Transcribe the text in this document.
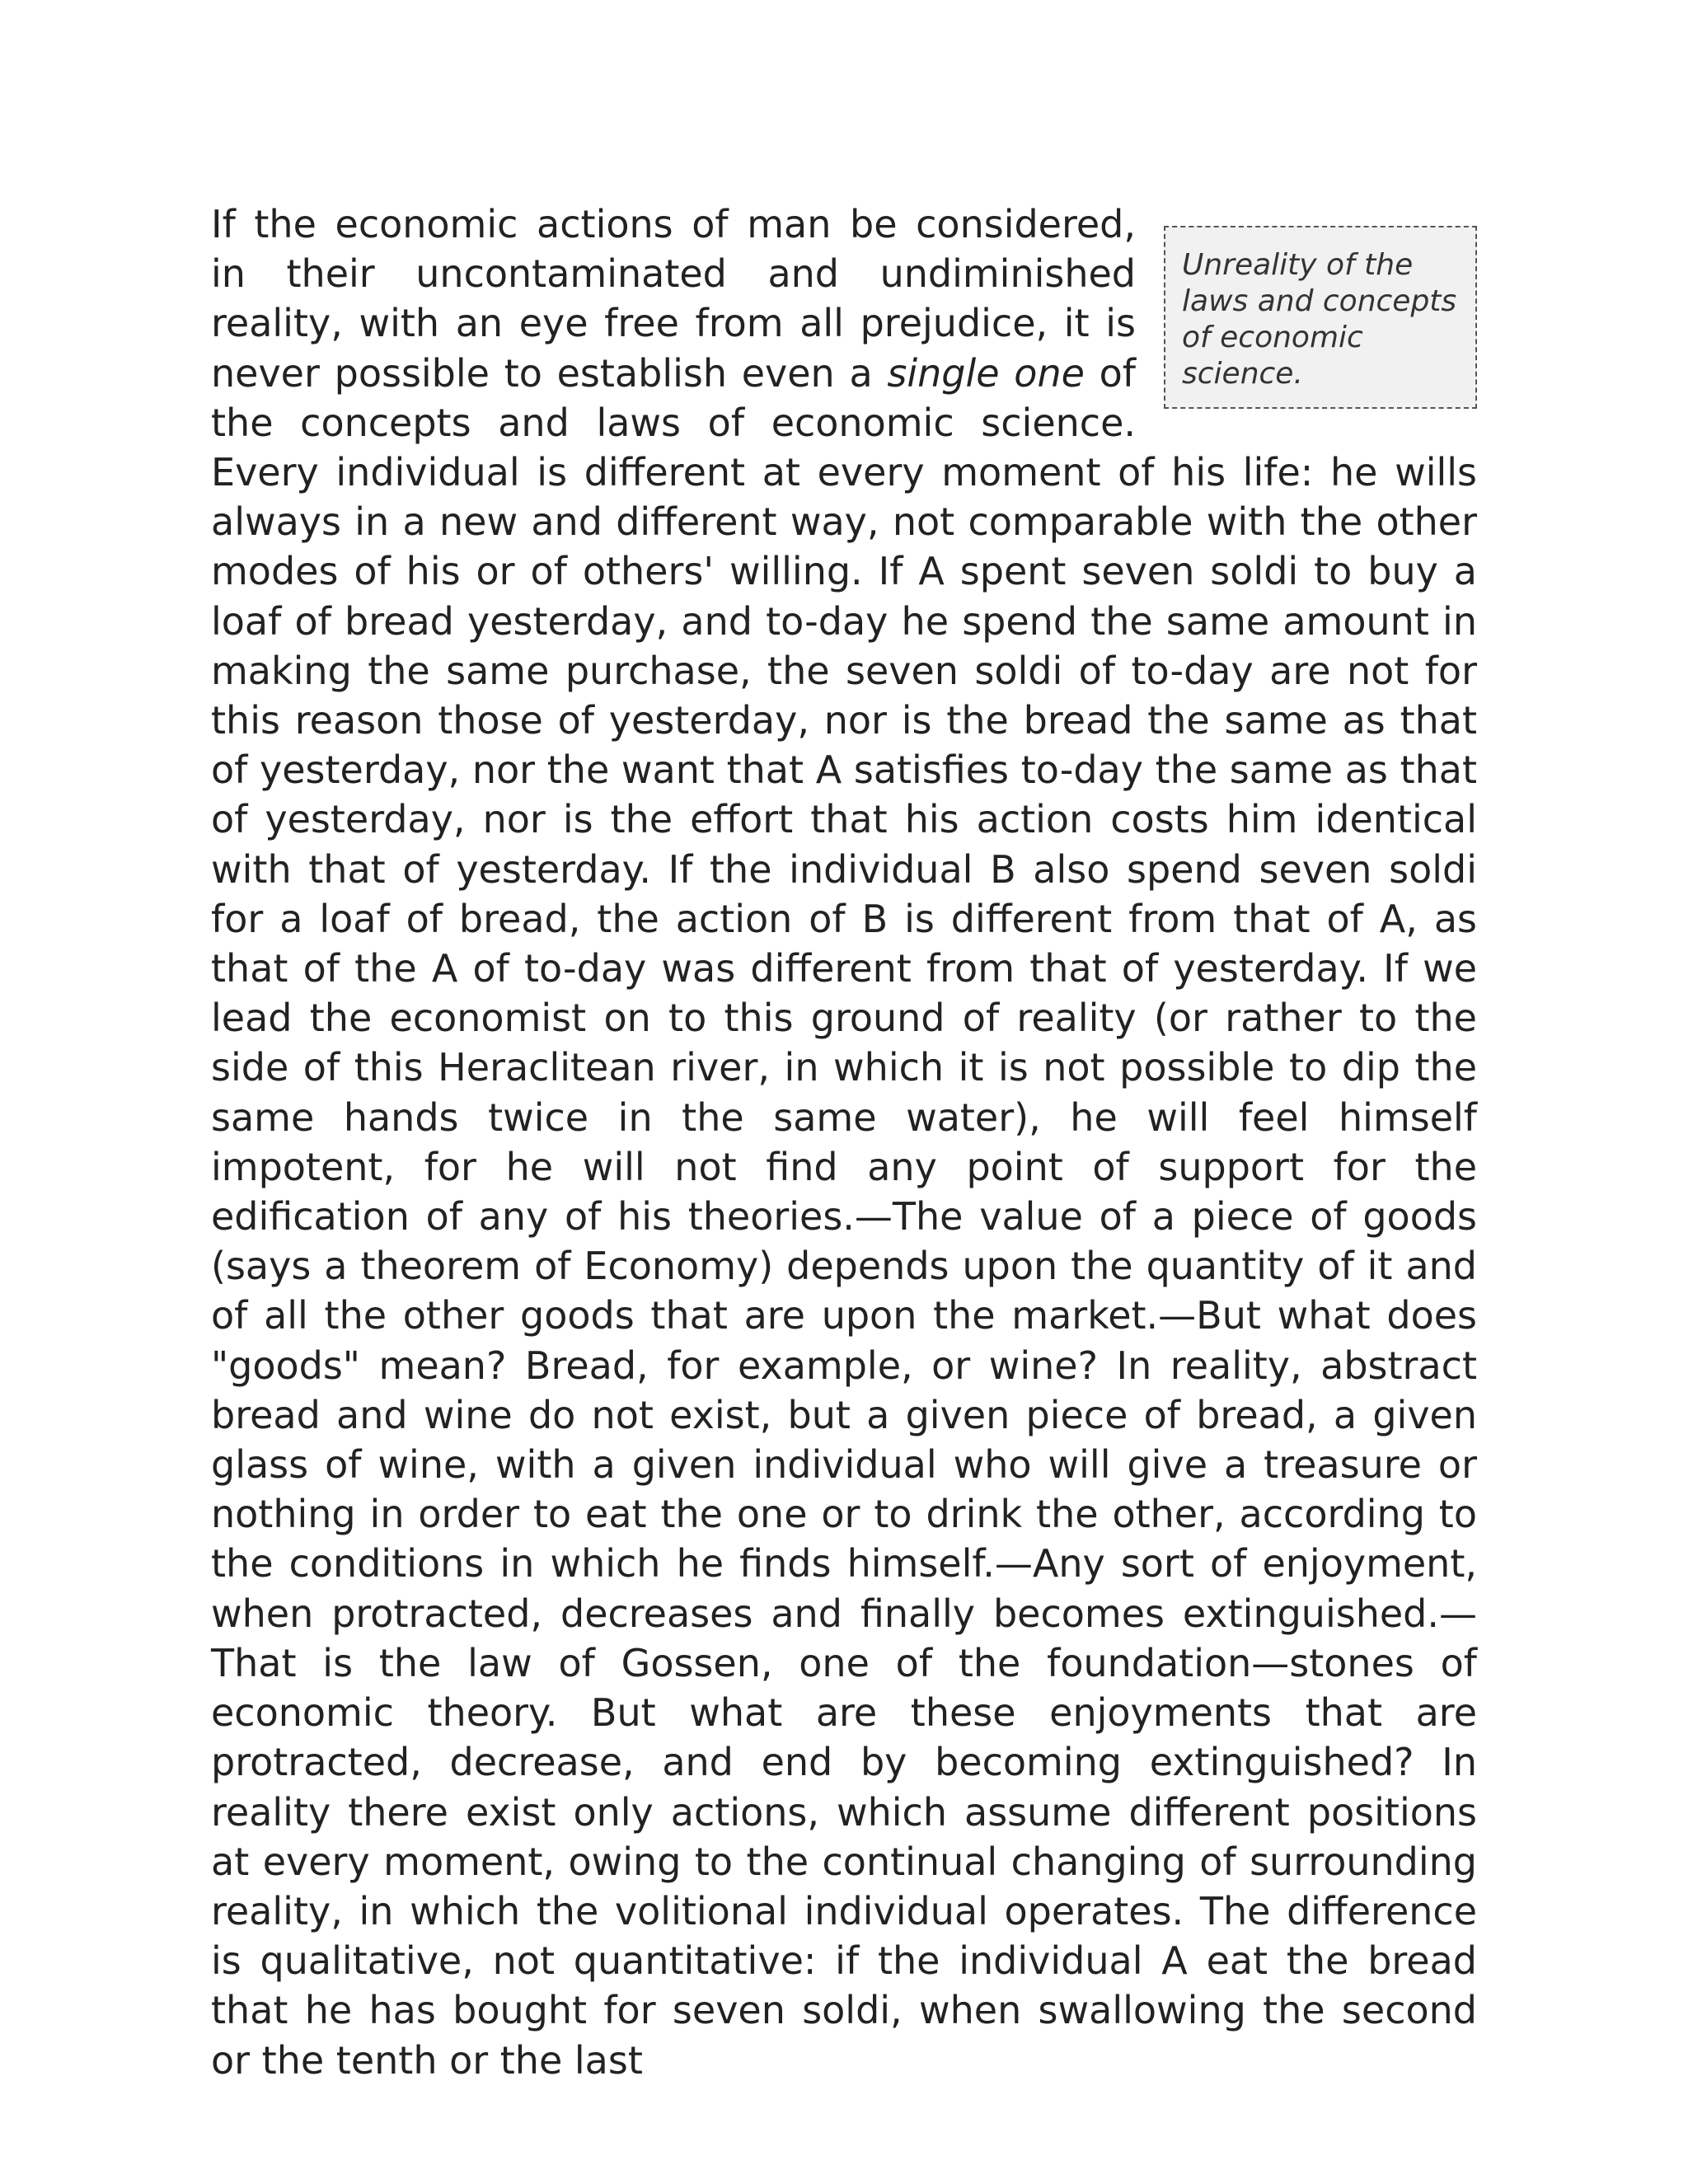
Unreality of the laws and concepts of economic science.

If the economic actions of man be considered, in their uncontaminated and undiminished reality, with an eye free from all prejudice, it is never possible to establish even a single one of the concepts and laws of economic science. Every individual is different at every moment of his life: he wills always in a new and different way, not comparable with the other modes of his or of others' willing. If A spent seven soldi to buy a loaf of bread yesterday, and to-day he spend the same amount in making the same purchase, the seven soldi of to-day are not for this reason those of yesterday, nor is the bread the same as that of yesterday, nor the want that A satisfies to-day the same as that of yesterday, nor is the effort that his action costs him identical with that of yesterday. If the individual B also spend seven soldi for a loaf of bread, the action of B is different from that of A, as that of the A of to-day was different from that of yesterday. If we lead the economist on to this ground of reality (or rather to the side of this Heraclitean river, in which it is not possible to dip the same hands twice in the same water), he will feel himself impotent, for he will not find any point of support for the edification of any of his theories.—The value of a piece of goods (says a theorem of Economy) depends upon the quantity of it and of all the other goods that are upon the market.—But what does "goods" mean? Bread, for example, or wine? In reality, abstract bread and wine do not exist, but a given piece of bread, a given glass of wine, with a given individual who will give a treasure or nothing in order to eat the one or to drink the other, according to the conditions in which he finds himself.—Any sort of enjoyment, when protracted, decreases and finally becomes extinguished.—That is the law of Gossen, one of the foundation—stones of economic theory. But what are these enjoyments that are protracted, decrease, and end by becoming extinguished? In reality there exist only actions, which assume different positions at every moment, owing to the continual changing of surrounding reality, in which the volitional individual operates. The difference is qualitative, not quantitative: if the individual A eat the bread that he has bought for seven soldi, when swallowing the second or the tenth or the last
